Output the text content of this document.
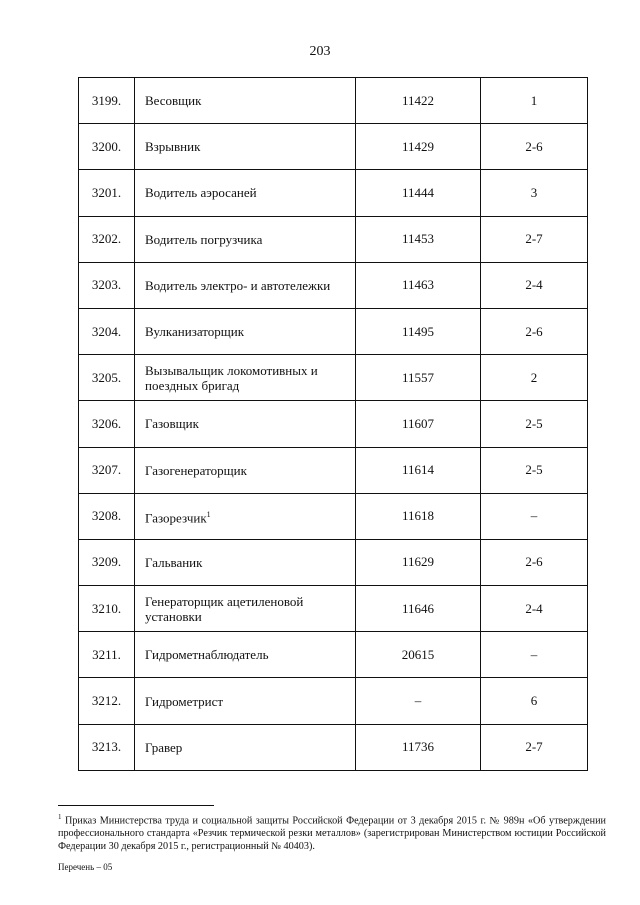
203
3199.	Весовщик	11422	1
3200.	Взрывник	11429	2-6
3201.	Водитель аэросаней	11444	3
3202.	Водитель погрузчика	11453	2-7
3203.	Водитель электро- и автотележки	11463	2-4
3204.	Вулканизаторщик	11495	2-6
3205.	Вызывальщик локомотивных и поездных бригад	11557	2
3206.	Газовщик	11607	2-5
3207.	Газогенераторщик	11614	2-5
3208.	Газорезчик$^1$	11618	–
3209.	Гальваник	11629	2-6
3210.	Генераторщик ацетиленовой установки	11646	2-4
3211.	Гидрометнаблюдатель	20615	–
3212.	Гидрометрист	–	6
3213.	Гравер	11736	2-7
$^1$ Приказ Министерства труда и социальной защиты Российской Федерации от 3 декабря 2015 г. № 989н «Об утверждении профессионального стандарта «Резчик термической резки металлов» (зарегистрирован Министерством юстиции Российской Федерации 30 декабря 2015 г., регистрационный № 40403).
Перечень – 05
